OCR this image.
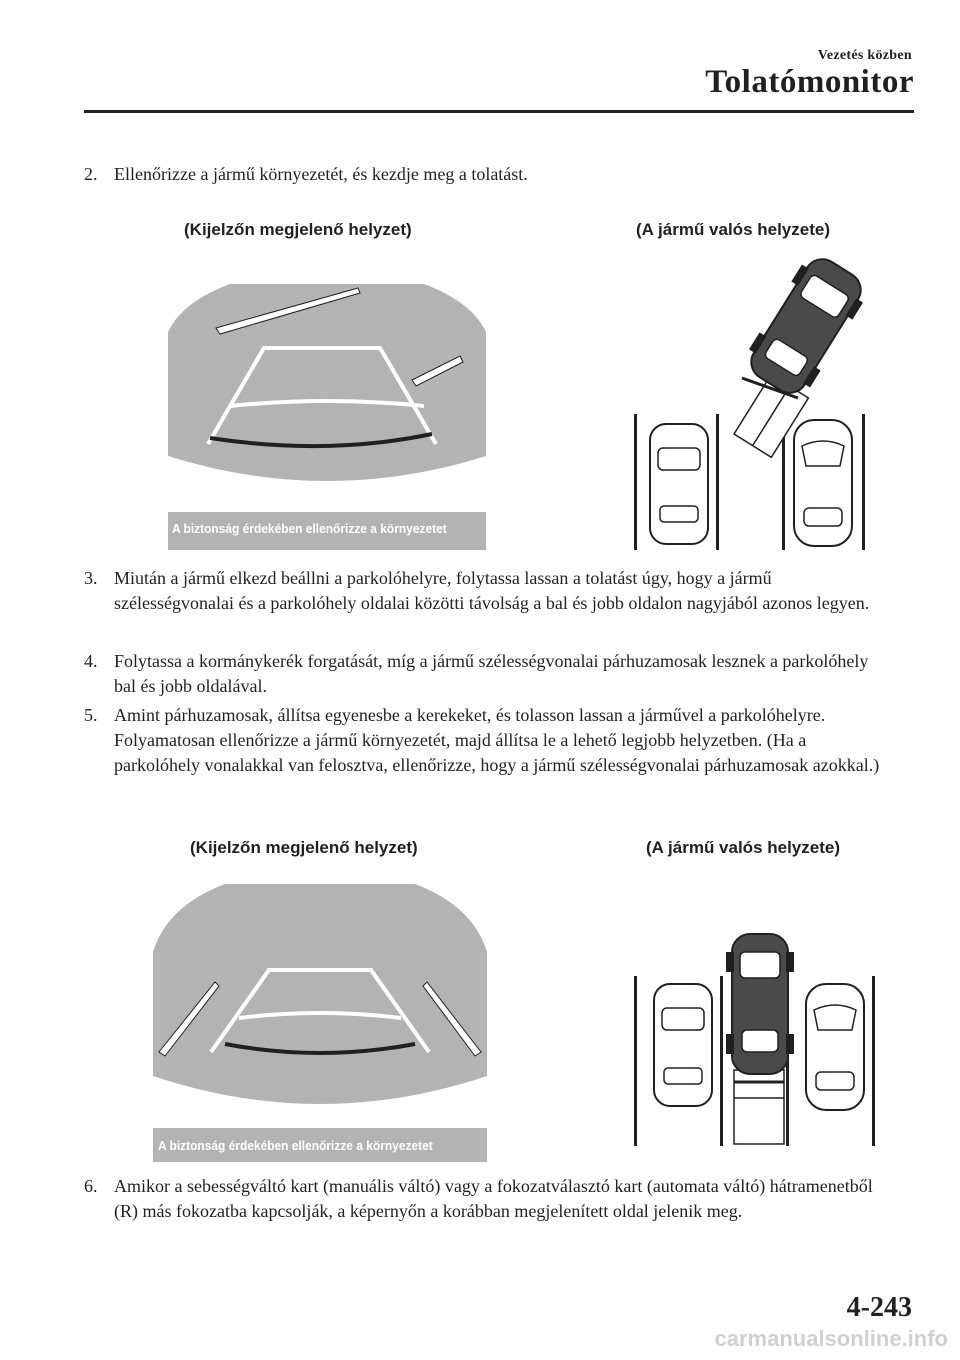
Vezetés közben
Tolatómonitor
2. Ellenőrizze a jármű környezetét, és kezdje meg a tolatást.
(Kijelzőn megjelenő helyzet)	(A jármű valós helyzete)
A biztonság érdekében ellenőrizze a környezetet
3. Miután a jármű elkezd beállni a parkolóhelyre, folytassa lassan a tolatást úgy, hogy a jármű szélességvonalai és a parkolóhely oldalai közötti távolság a bal és jobb oldalon nagyjából azonos legyen.
4. Folytassa a kormánykerék forgatását, míg a jármű szélességvonalai párhuzamosak lesznek a parkolóhely bal és jobb oldalával.
5. Amint párhuzamosak, állítsa egyenesbe a kerekeket, és tolasson lassan a járművel a parkolóhelyre. Folyamatosan ellenőrizze a jármű környezetét, majd állítsa le a lehető legjobb helyzetben. (Ha a parkolóhely vonalakkal van felosztva, ellenőrizze, hogy a jármű szélességvonalai párhuzamosak azokkal.)
(Kijelzőn megjelenő helyzet)	(A jármű valós helyzete)
A biztonság érdekében ellenőrizze a környezetet
6. Amikor a sebességváltó kart (manuális váltó) vagy a fokozatválasztó kart (automata váltó) hátramenetből (R) más fokozatba kapcsolják, a képernyőn a korábban megjelenített oldal jelenik meg.
4-243
carmanualsonline.info
